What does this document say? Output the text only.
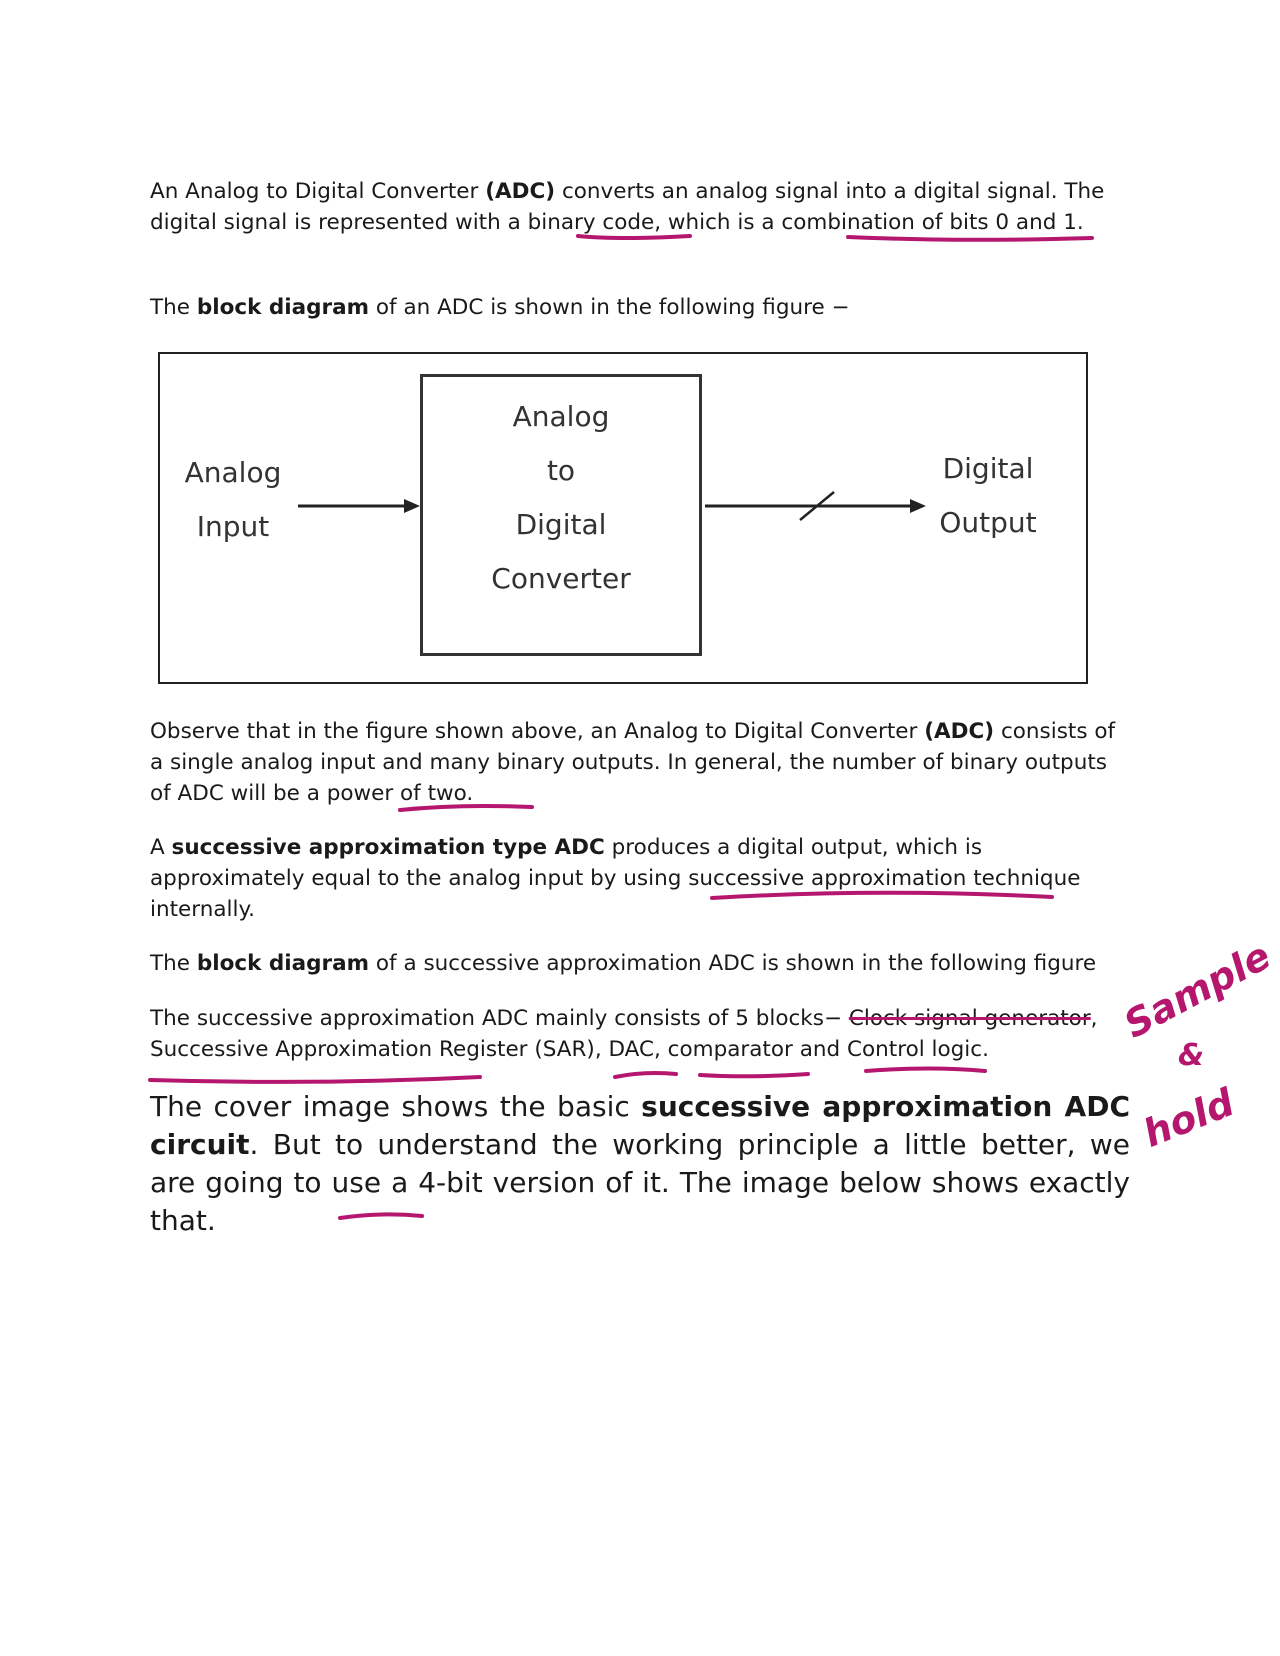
An Analog to Digital Converter (ADC) converts an analog signal into a digital signal. The digital signal is represented with a binary code, which is a combination of bits 0 and 1.

The block diagram of an ADC is shown in the following figure −

Analog
Input
Analog
to
Digital
Converter
Digital
Output

Observe that in the figure shown above, an Analog to Digital Converter (ADC) consists of a single analog input and many binary outputs. In general, the number of binary outputs of ADC will be a power of two.

A successive approximation type ADC produces a digital output, which is approximately equal to the analog input by using successive approximation technique internally.

The block diagram of a successive approximation ADC is shown in the following figure

The successive approximation ADC mainly consists of 5 blocks− Clock signal generator, Successive Approximation Register (SAR), DAC, comparator and Control logic.

The cover image shows the basic successive approximation ADC circuit. But to understand the working principle a little better, we are going to use a 4-bit version of it. The image below shows exactly that.

Sample
&
hold
